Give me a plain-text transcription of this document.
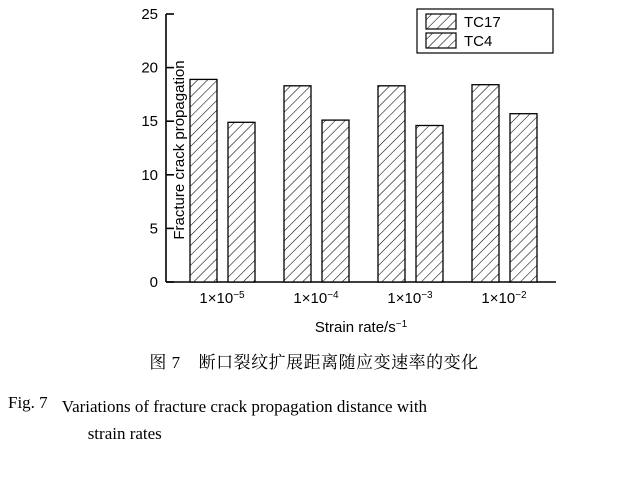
Fracture crack propagation

0
5
10
15
20
25
$1\times 10^{-5}$	$1\times 10^{-4}$	$1\times 10^{-3}$	$1\times 10^{-2}$
Strain rate/$s^{-1}$
TC17
TC4
图 7 断口裂纹扩展距离随应变速率的变化
Fig. 7 Variations of fracture crack propagation distance with
strain rates
